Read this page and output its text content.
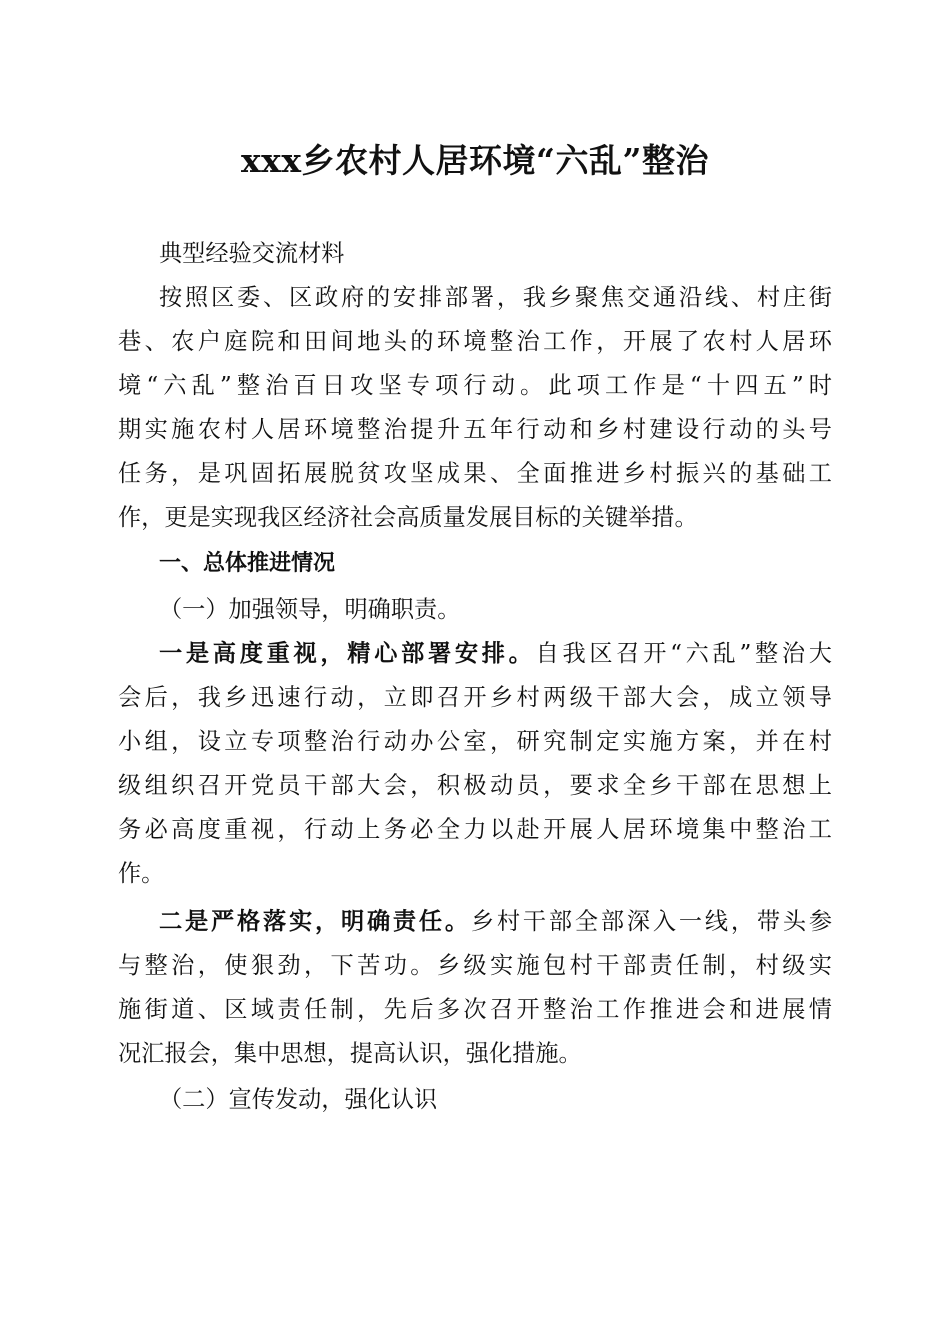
xxx乡农村人居环境“六乱”整治
典型经验交流材料
按照区委、区政府的安排部署，我乡聚焦交通沿线、村庄街
巷、农户庭院和田间地头的环境整治工作，开展了农村人居环
境“六乱”整治百日攻坚专项行动。此项工作是“十四五”时
期实施农村人居环境整治提升五年行动和乡村建设行动的头号
任务，是巩固拓展脱贫攻坚成果、全面推进乡村振兴的基础工
作，更是实现我区经济社会高质量发展目标的关键举措。
一、总体推进情况
（一）加强领导，明确职责。
一是高度重视，精心部署安排。自我区召开“六乱”整治大
会后，我乡迅速行动，立即召开乡村两级干部大会，成立领导
小组，设立专项整治行动办公室，研究制定实施方案，并在村
级组织召开党员干部大会，积极动员，要求全乡干部在思想上
务必高度重视，行动上务必全力以赴开展人居环境集中整治工
作。
二是严格落实，明确责任。乡村干部全部深入一线，带头参
与整治，使狠劲，下苦功。乡级实施包村干部责任制，村级实
施街道、区域责任制，先后多次召开整治工作推进会和进展情
况汇报会，集中思想，提高认识，强化措施。
（二）宣传发动，强化认识
